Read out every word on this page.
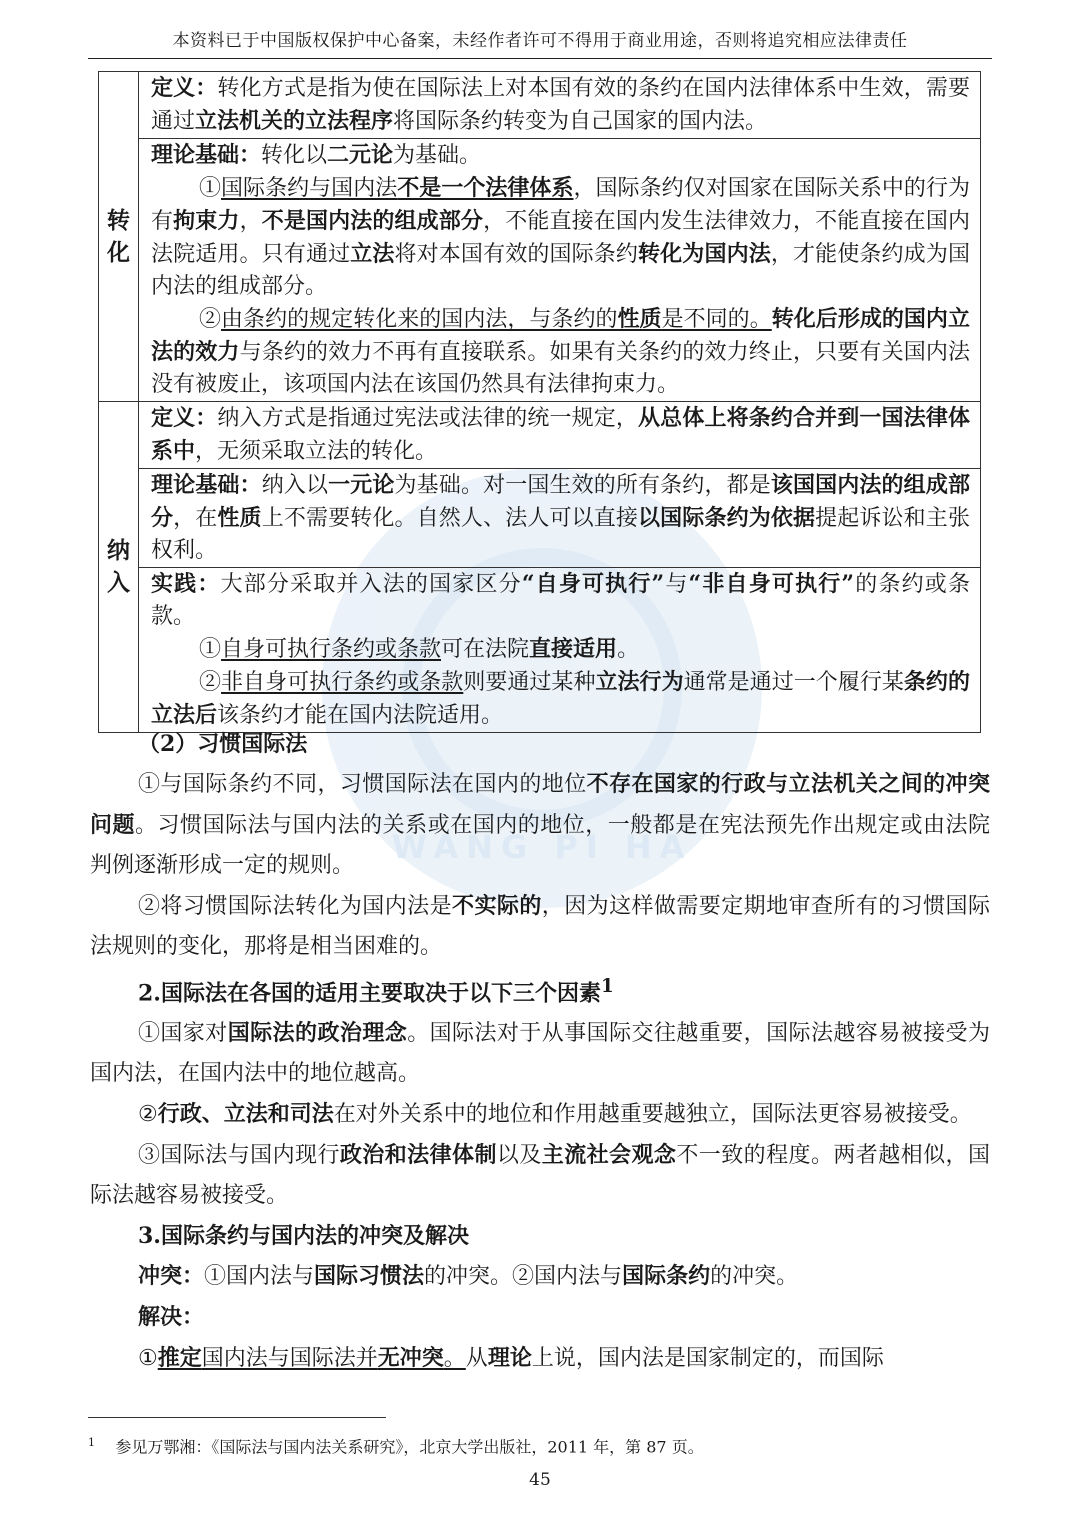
本资料已于中国版权保护中心备案，未经作者许可不得用于商业用途，否则将追究相应法律责任
WANG PI HA
转化	定义：转化方式是指为使在国际法上对本国有效的条约在国内法律体系中生效，需要通过立法机关的立法程序将国际条约转变为自己国家的国内法。

	理论基础：转化以二元论为基础。

①国际条约与国内法不是一个法律体系，国际条约仅对国家在国际关系中的行为有拘束力，不是国内法的组成部分，不能直接在国内发生法律效力，不能直接在国内法院适用。只有通过立法将对本国有效的国际条约转化为国内法，才能使条约成为国内法的组成部分。

②由条约的规定转化来的国内法，与条约的性质是不同的。转化后形成的国内立法的效力与条约的效力不再有直接联系。如果有关条约的效力终止，只要有关国内法没有被废止，该项国内法在该国仍然具有法律拘束力。

纳入	定义：纳入方式是指通过宪法或法律的统一规定，从总体上将条约合并到一国法律体系中，无须采取立法的转化。

	理论基础：纳入以一元论为基础。对一国生效的所有条约，都是该国国内法的组成部分，在性质上不需要转化。自然人、法人可以直接以国际条约为依据提起诉讼和主张权利。

	实践：大部分采取并入法的国家区分“自身可执行”与“非自身可执行”的条约或条款。

①自身可执行条约或条款可在法院直接适用。

②非自身可执行条约或条款则要通过某种立法行为通常是通过一个履行某条约的立法后该条约才能在国内法院适用。

（2）习惯国际法

①与国际条约不同，习惯国际法在国内的地位不存在国家的行政与立法机关之间的冲突问题。习惯国际法与国内法的关系或在国内的地位，一般都是在宪法预先作出规定或由法院判例逐渐形成一定的规则。

②将习惯国际法转化为国内法是不实际的，因为这样做需要定期地审查所有的习惯国际法规则的变化，那将是相当困难的。

2.国际法在各国的适用主要取决于以下三个因素$^1$

①国家对国际法的政治理念。国际法对于从事国际交往越重要，国际法越容易被接受为国内法，在国内法中的地位越高。

②行政、立法和司法在对外关系中的地位和作用越重要越独立，国际法更容易被接受。

③国际法与国内现行政治和法律体制以及主流社会观念不一致的程度。两者越相似，国际法越容易被接受。

3.国际条约与国内法的冲突及解决

冲突：①国内法与国际习惯法的冲突。②国内法与国际条约的冲突。

解决：

①推定国内法与国际法并无冲突。从理论上说，国内法是国家制定的，而国际

$^1$ 参见万鄂湘：《国际法与国内法关系研究》，北京大学出版社，2011 年，第 87 页。
45
